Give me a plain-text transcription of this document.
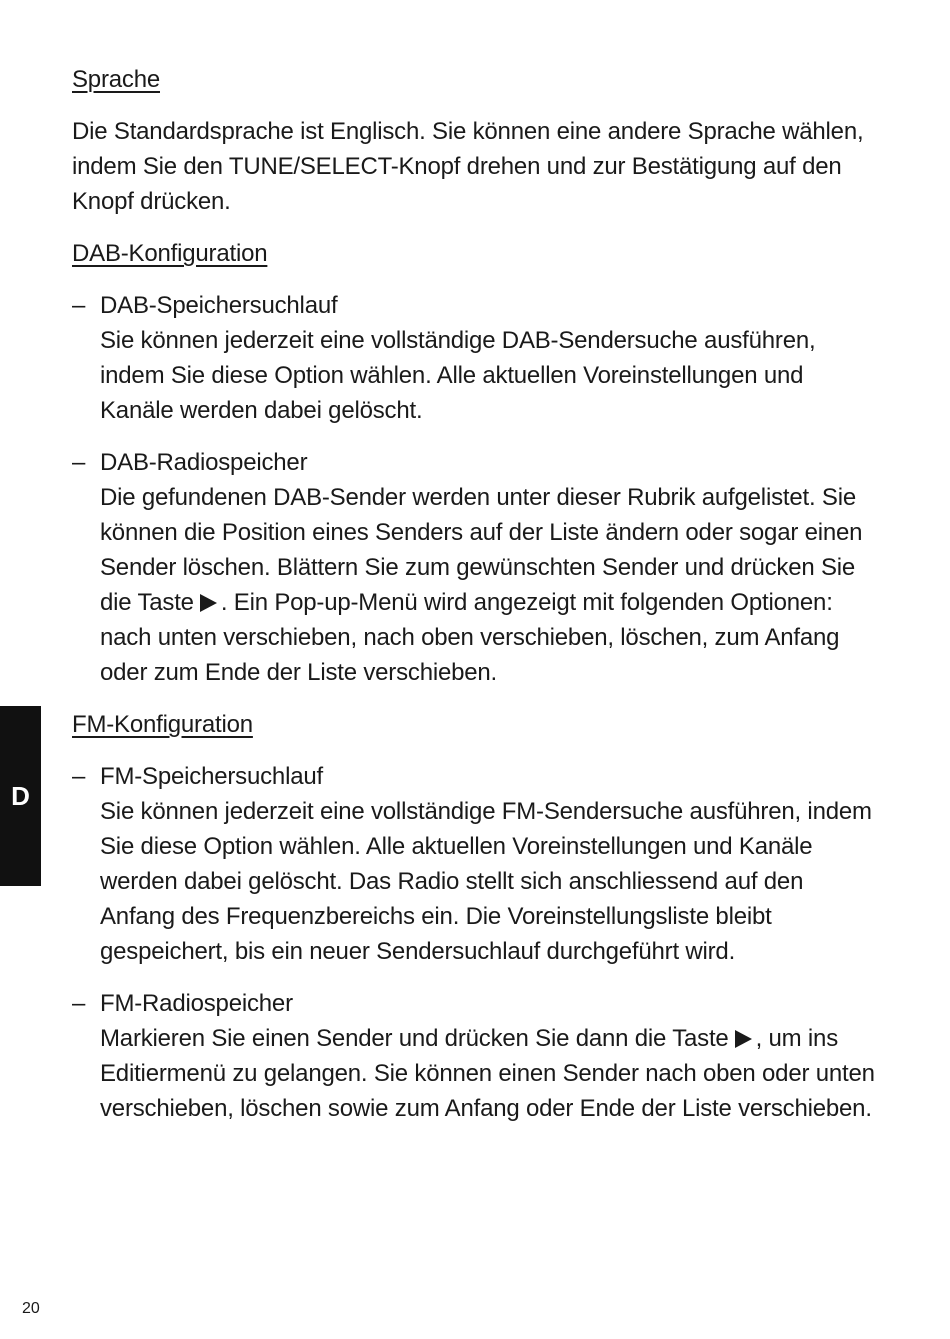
Sprache
Die Standardsprache ist Englisch. Sie können eine andere Sprache wählen, indem Sie den TUNE/SELECT-Knopf drehen und zur Bestätigung auf den Knopf drücken.
DAB-Konfiguration
– DAB-Speichersuchlauf
Sie können jederzeit eine vollständige DAB-Sendersuche ausführen, indem Sie diese Option wählen. Alle aktuellen Voreinstellungen und Kanäle werden dabei gelöscht.
– DAB-Radiospeicher
Die gefundenen DAB-Sender werden unter dieser Rubrik aufgelistet. Sie können die Position eines Senders auf der Liste ändern oder sogar einen Sender löschen. Blättern Sie zum gewünschten Sender und drücken Sie die Taste . Ein Pop-up-Menü wird angezeigt mit folgenden Optionen: nach unten verschieben, nach oben verschieben, löschen, zum Anfang oder zum Ende der Liste verschieben.
FM-Konfiguration
– FM-Speichersuchlauf
Sie können jederzeit eine vollständige FM-Sendersuche ausführen, indem Sie diese Option wählen. Alle aktuellen Voreinstellungen und Kanäle werden dabei gelöscht. Das Radio stellt sich anschliessend auf den Anfang des Frequenzbereichs ein. Die Voreinstellungsliste bleibt gespeichert, bis ein neuer Sendersuchlauf durchgeführt wird.
– FM-Radiospeicher
Markieren Sie einen Sender und drücken Sie dann die Taste , um ins Editiermenü zu gelangen. Sie können einen Sender nach oben oder unten verschieben, löschen sowie zum Anfang oder Ende der Liste verschieben.
D
20
